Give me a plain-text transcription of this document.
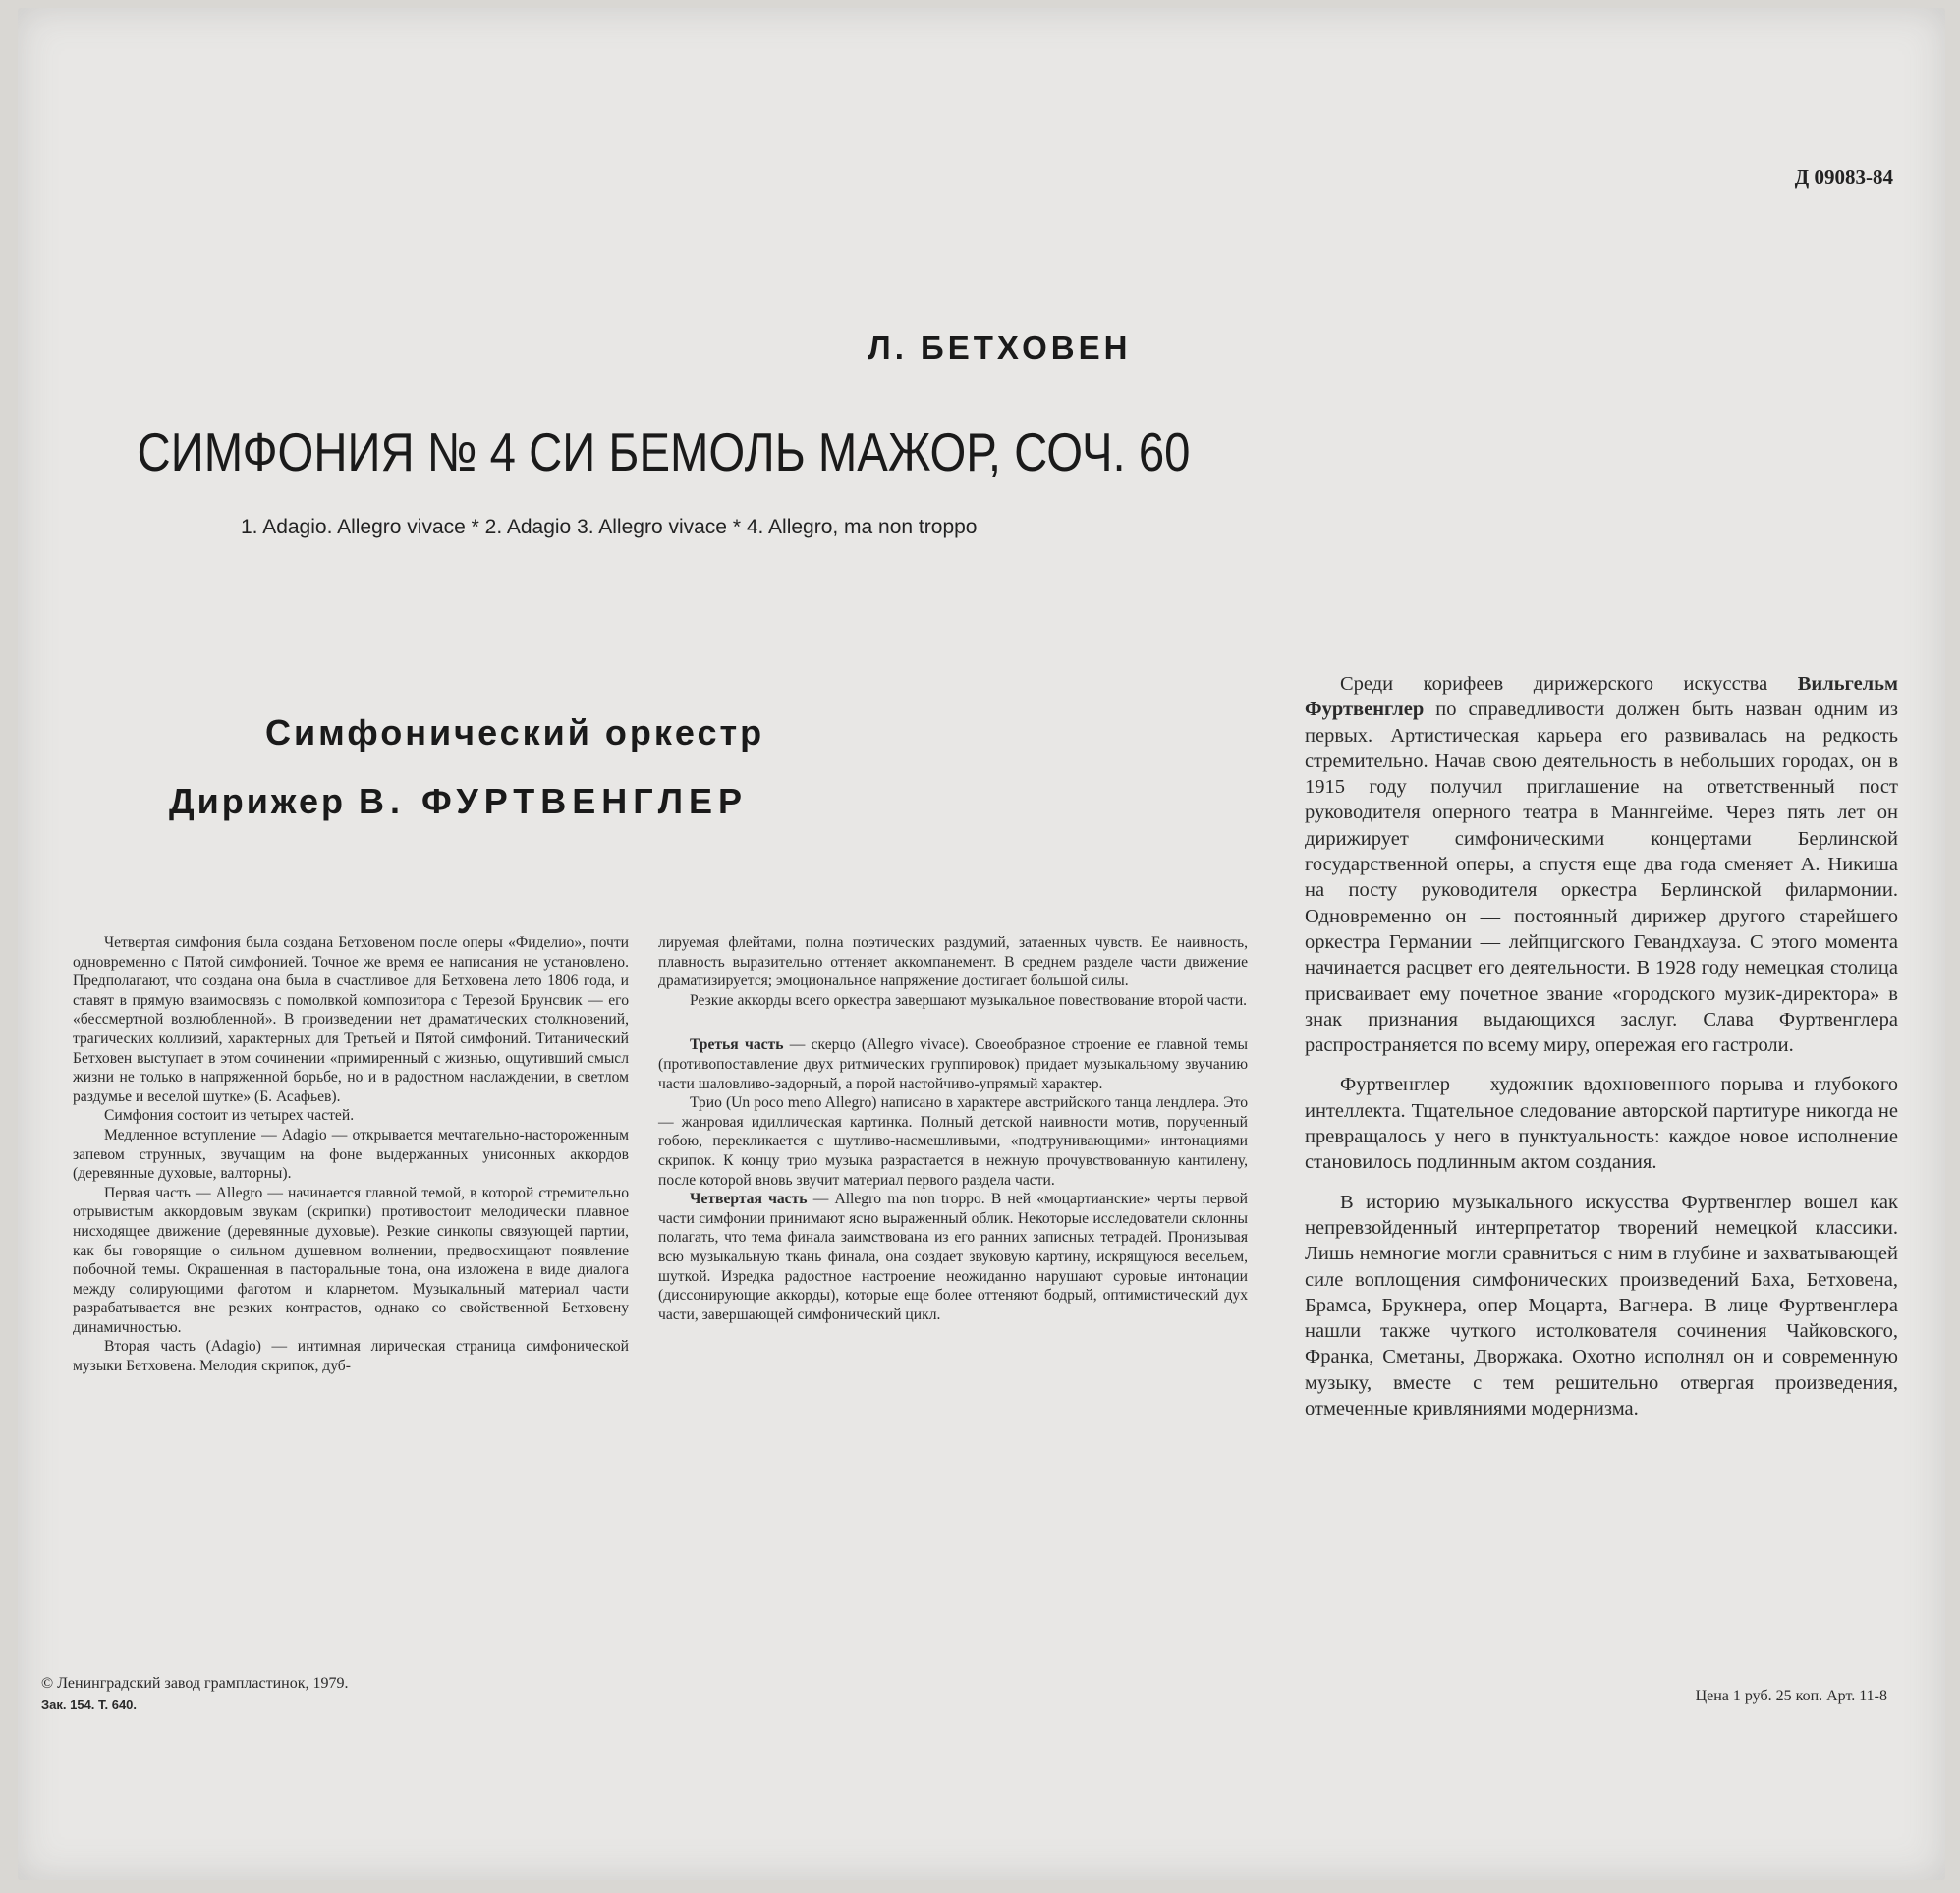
Д 09083-84
Л. БЕТХОВЕН
СИМФОНИЯ № 4 СИ БЕМОЛЬ МАЖОР, СОЧ. 60
1. Adagio. Allegro vivace * 2. Adagio 3. Allegro vivace * 4. Allegro, ma non troppo
Симфонический оркестр
Дирижер В. ФУРТВЕНГЛЕР

Четвертая симфония была создана Бетховеном после оперы «Фиделио», почти одновременно с Пятой симфонией. Точное же время ее написания не установлено. Предполагают, что создана она была в счастливое для Бетховена лето 1806 года, и ставят в прямую взаимосвязь с помолвкой композитора с Терезой Брунсвик — его «бессмертной возлюбленной». В произведении нет драматических столкновений, трагических коллизий, характерных для Третьей и Пятой симфоний. Титанический Бетховен выступает в этом сочинении «примиренный с жизнью, ощутивший смысл жизни не только в напряженной борьбе, но и в радостном наслаждении, в светлом раздумье и веселой шутке» (Б. Асафьев).

Симфония состоит из четырех частей.

Медленное вступление — Adagio — открывается мечтательно-настороженным запевом струнных, звучащим на фоне выдержанных унисонных аккордов (деревянные духовые, валторны).

Первая часть — Allegro — начинается главной темой, в которой стремительно отрывистым аккордовым звукам (скрипки) противостоит мелодически плавное нисходящее движение (деревянные духовые). Резкие синкопы связующей партии, как бы говорящие о сильном душевном волнении, предвосхищают появление побочной темы. Окрашенная в пасторальные тона, она изложена в виде диалога между солирующими фаготом и кларнетом. Музыкальный материал части разрабатывается вне резких контрастов, однако со свойственной Бетховену динамичностью.

Вторая часть (Adagio) — интимная лирическая страница симфонической музыки Бетховена. Мелодия скрипок, дуб-

лируемая флейтами, полна поэтических раздумий, затаенных чувств. Ее наивность, плавность выразительно оттеняет аккомпанемент. В среднем разделе части движение драматизируется; эмоциональное напряжение достигает большой силы.

Резкие аккорды всего оркестра завершают музыкальное повествование второй части.

Третья часть — скерцо (Allegro vivace). Своеобразное строение ее главной темы (противопоставление двух ритмических группировок) придает музыкальному звучанию части шаловливо-задорный, а порой настойчиво-упрямый характер.

Трио (Un poco meno Allegro) написано в характере австрийского танца лендлера. Это — жанровая идиллическая картинка. Полный детской наивности мотив, порученный гобою, перекликается с шутливо-насмешливыми, «подтрунивающими» интонациями скрипок. К концу трио музыка разрастается в нежную прочувствованную кантилену, после которой вновь звучит материал первого раздела части.

Четвертая часть — Allegro ma non troppo. В ней «моцартианские» черты первой части симфонии принимают ясно выраженный облик. Некоторые исследователи склонны полагать, что тема финала заимствована из его ранних записных тетрадей. Пронизывая всю музыкальную ткань финала, она создает звуковую картину, искрящуюся весельем, шуткой. Изредка радостное настроение неожиданно нарушают суровые интонации (диссонирующие аккорды), которые еще более оттеняют бодрый, оптимистический дух части, завершающей симфонический цикл.

Среди корифеев дирижерского искусства Вильгельм Фуртвенглер по справедливости должен быть назван одним из первых. Артистическая карьера его развивалась на редкость стремительно. Начав свою деятельность в небольших городах, он в 1915 году получил приглашение на ответственный пост руководителя оперного театра в Маннгейме. Через пять лет он дирижирует симфоническими концертами Берлинской государственной оперы, а спустя еще два года сменяет А. Никиша на посту руководителя оркестра Берлинской филармонии. Одновременно он — постоянный дирижер другого старейшего оркестра Германии — лейпцигского Гевандхауза. С этого момента начинается расцвет его деятельности. В 1928 году немецкая столица присваивает ему почетное звание «городского музик-директора» в знак признания выдающихся заслуг. Слава Фуртвенглера распространяется по всему миру, опережая его гастроли.

Фуртвенглер — художник вдохновенного порыва и глубокого интеллекта. Тщательное следование авторской партитуре никогда не превращалось у него в пунктуальность: каждое новое исполнение становилось подлинным актом создания.

В историю музыкального искусства Фуртвенглер вошел как непревзойденный интерпретатор творений немецкой классики. Лишь немногие могли сравниться с ним в глубине и захватывающей силе воплощения симфонических произведений Баха, Бетховена, Брамса, Брукнера, опер Моцарта, Вагнера. В лице Фуртвенглера нашли также чуткого истолкователя сочинения Чайковского, Франка, Сметаны, Дворжака. Охотно исполнял он и современную музыку, вместе с тем решительно отвергая произведения, отмеченные кривляниями модернизма.

© Ленинградский завод грампластинок, 1979.
Зак. 154. Т. 640.
Цена 1 руб. 25 коп. Арт. 11-8
